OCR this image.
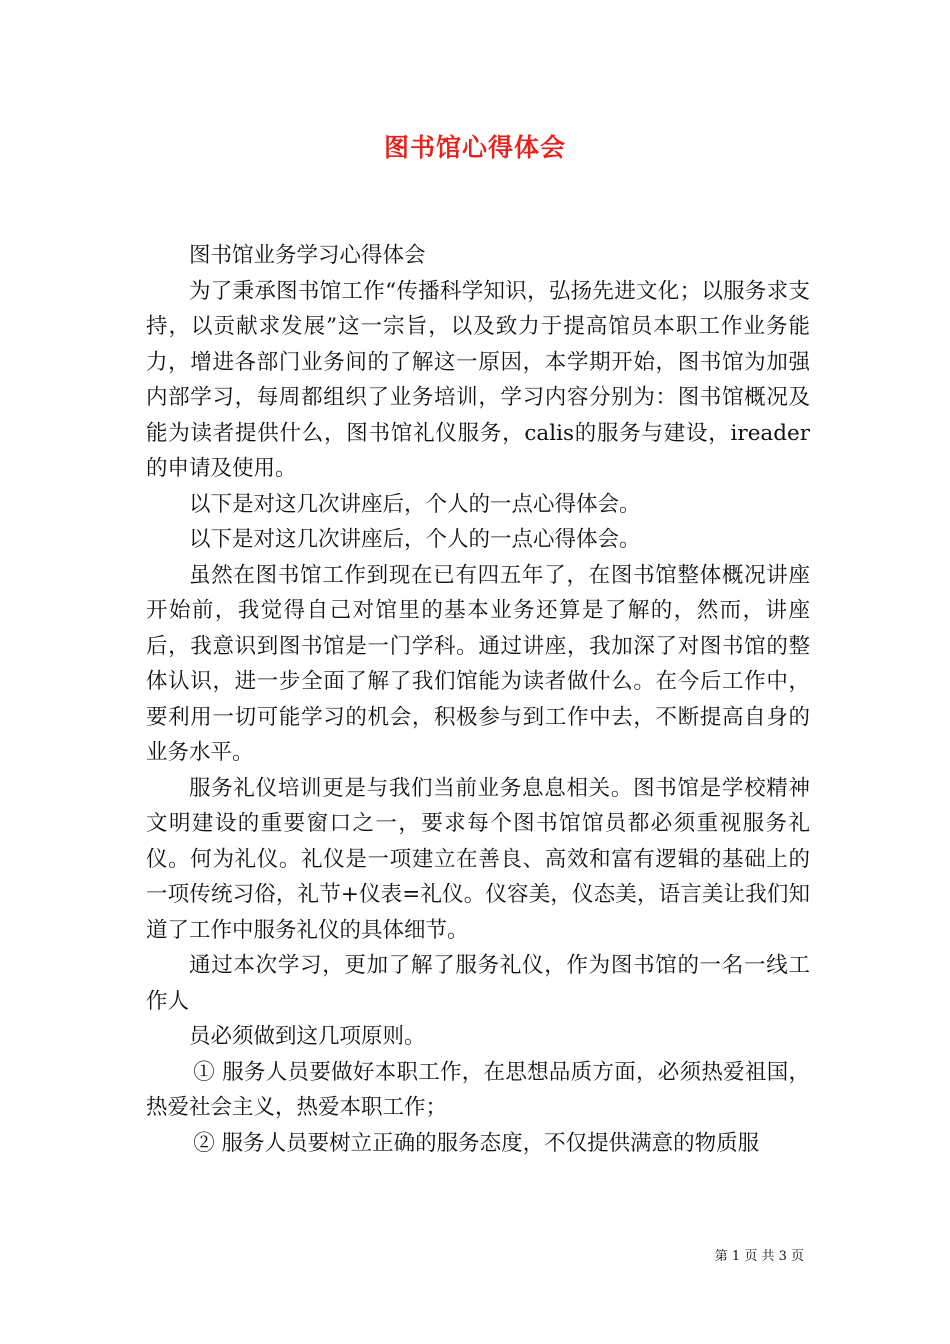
图书馆心得体会

图书馆业务学习心得体会

为了秉承图书馆工作“传播科学知识，弘扬先进文化；以服务求支持，以贡献求发展”这一宗旨，以及致力于提高馆员本职工作业务能力，增进各部门业务间的了解这一原因，本学期开始，图书馆为加强内部学习，每周都组织了业务培训，学习内容分别为：图书馆概况及能为读者提供什么，图书馆礼仪服务，calis的服务与建设，ireader的申请及使用。

以下是对这几次讲座后，个人的一点心得体会。

以下是对这几次讲座后，个人的一点心得体会。

虽然在图书馆工作到现在已有四五年了，在图书馆整体概况讲座开始前，我觉得自己对馆里的基本业务还算是了解的，然而，讲座后，我意识到图书馆是一门学科。通过讲座，我加深了对图书馆的整体认识，进一步全面了解了我们馆能为读者做什么。在今后工作中，要利用一切可能学习的机会，积极参与到工作中去，不断提高自身的业务水平。

服务礼仪培训更是与我们当前业务息息相关。图书馆是学校精神文明建设的重要窗口之一，要求每个图书馆馆员都必须重视服务礼仪。何为礼仪。礼仪是一项建立在善良、高效和富有逻辑的基础上的一项传统习俗，礼节+仪表=礼仪。仪容美，仪态美，语言美让我们知道了工作中服务礼仪的具体细节。

通过本次学习，更加了解了服务礼仪，作为图书馆的一名一线工作人

员必须做到这几项原则。

① 服务人员要做好本职工作，在思想品质方面，必须热爱祖国，热爱社会主义，热爱本职工作；

② 服务人员要树立正确的服务态度，不仅提供满意的物质服

第 1 页 共 3 页
